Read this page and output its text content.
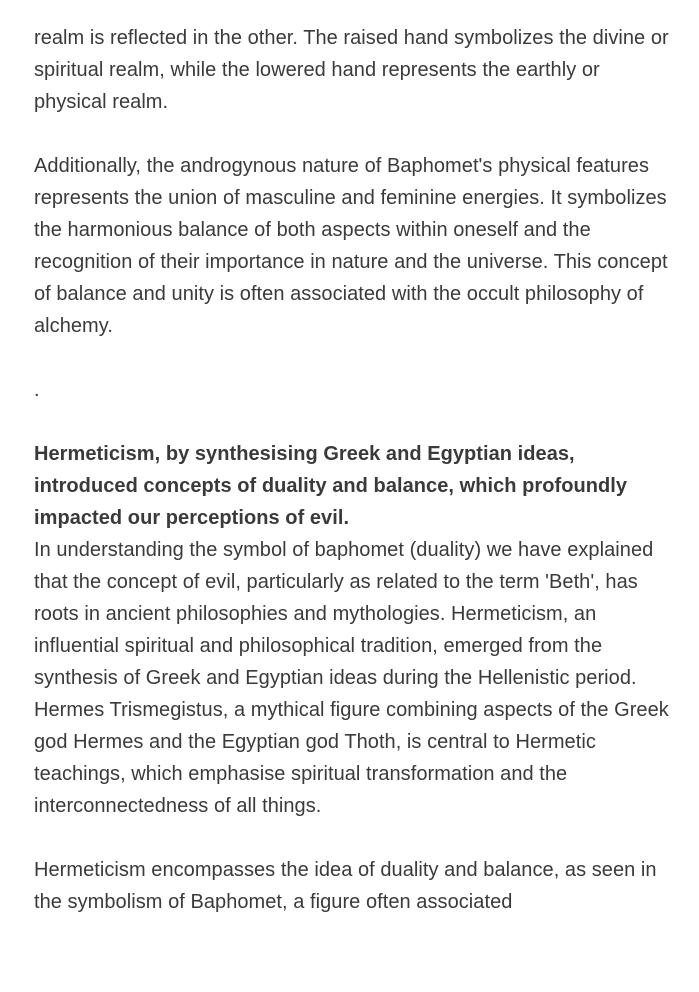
realm is reflected in the other. The raised hand symbolizes the divine or spiritual realm, while the lowered hand represents the earthly or physical realm.

Additionally, the androgynous nature of Baphomet's physical features represents the union of masculine and feminine energies. It symbolizes the harmonious balance of both aspects within oneself and the recognition of their importance in nature and the universe. This concept of balance and unity is often associated with the occult philosophy of alchemy.

.

Hermeticism, by synthesising Greek and Egyptian ideas, introduced concepts of duality and balance, which profoundly impacted our perceptions of evil.

In understanding the symbol of baphomet (duality) we have explained that the concept of evil, particularly as related to the term 'Beth', has roots in ancient philosophies and mythologies. Hermeticism, an influential spiritual and philosophical tradition, emerged from the synthesis of Greek and Egyptian ideas during the Hellenistic period. Hermes Trismegistus, a mythical figure combining aspects of the Greek god Hermes and the Egyptian god Thoth, is central to Hermetic teachings, which emphasise spiritual transformation and the interconnectedness of all things.

Hermeticism encompasses the idea of duality and balance, as seen in the symbolism of Baphomet, a figure often associated
